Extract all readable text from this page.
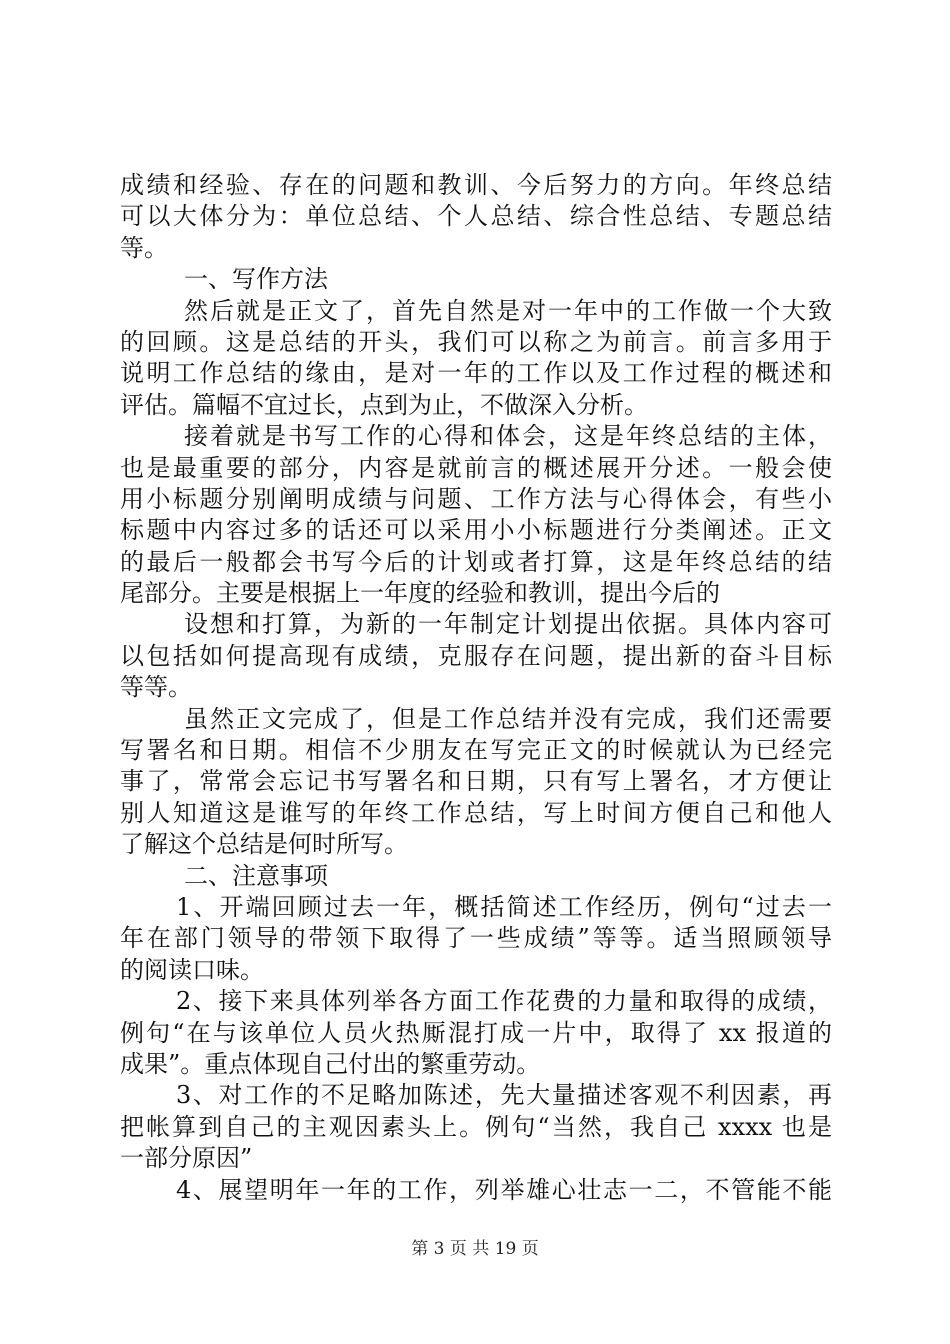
成绩和经验、存在的问题和教训、今后努力的方向。年终总结
可以大体分为：单位总结、个人总结、综合性总结、专题总结
等。
一、写作方法
然后就是正文了，首先自然是对一年中的工作做一个大致
的回顾。这是总结的开头，我们可以称之为前言。前言多用于
说明工作总结的缘由，是对一年的工作以及工作过程的概述和
评估。篇幅不宜过长，点到为止，不做深入分析。
接着就是书写工作的心得和体会，这是年终总结的主体，
也是最重要的部分，内容是就前言的概述展开分述。一般会使
用小标题分别阐明成绩与问题、工作方法与心得体会，有些小
标题中内容过多的话还可以采用小小标题进行分类阐述。正文
的最后一般都会书写今后的计划或者打算，这是年终总结的结
尾部分。主要是根据上一年度的经验和教训，提出今后的
设想和打算，为新的一年制定计划提出依据。具体内容可
以包括如何提高现有成绩，克服存在问题，提出新的奋斗目标
等等。
虽然正文完成了，但是工作总结并没有完成，我们还需要
写署名和日期。相信不少朋友在写完正文的时候就认为已经完
事了，常常会忘记书写署名和日期，只有写上署名，才方便让
别人知道这是谁写的年终工作总结，写上时间方便自己和他人
了解这个总结是何时所写。
二、注意事项
1、开端回顾过去一年，概括简述工作经历，例句“过去一
年在部门领导的带领下取得了一些成绩”等等。适当照顾领导
的阅读口味。
2、接下来具体列举各方面工作花费的力量和取得的成绩，
例句“在与该单位人员火热厮混打成一片中，取得了 xx 报道的
成果”。重点体现自己付出的繁重劳动。
3、对工作的不足略加陈述，先大量描述客观不利因素，再
把帐算到自己的主观因素头上。例句“当然，我自己 xxxx 也是
一部分原因”
4、展望明年一年的工作，列举雄心壮志一二，不管能不能
第 3 页 共 19 页
